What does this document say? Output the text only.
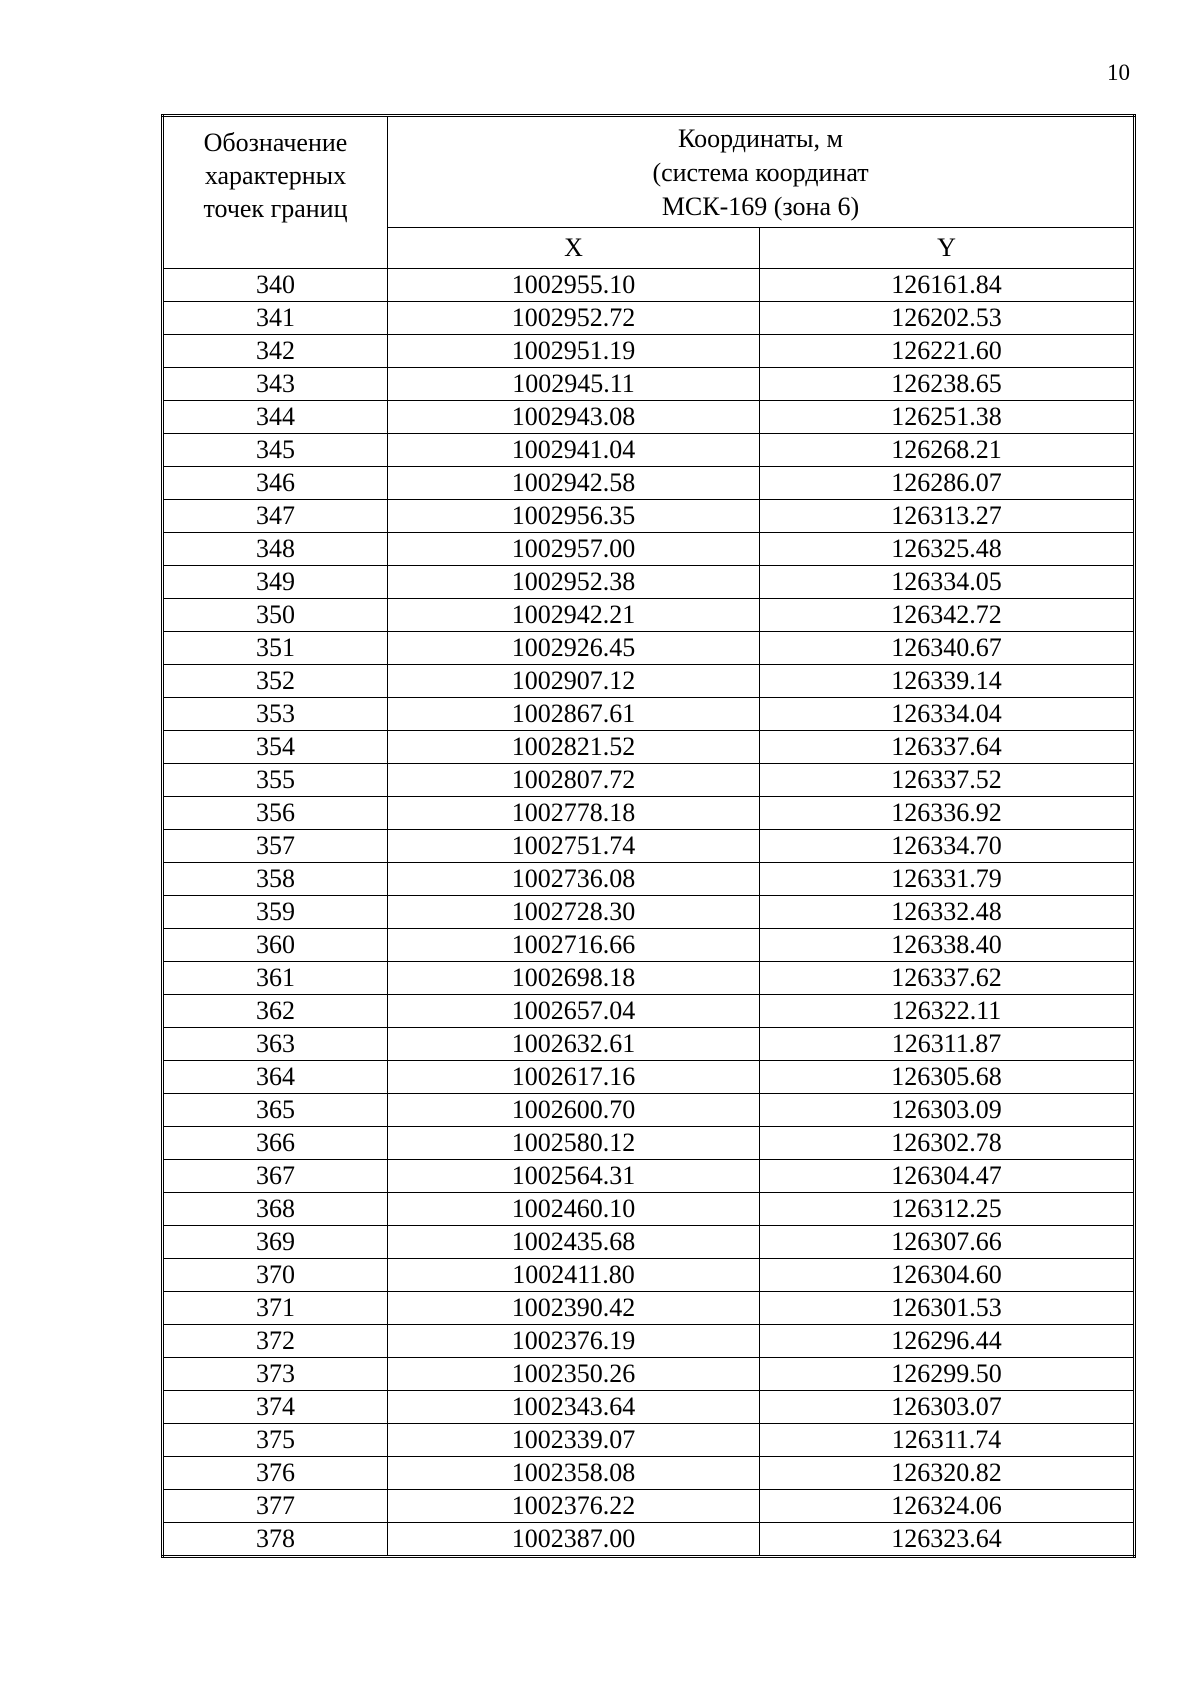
10
Обозначение
характерных
точек границ	Координаты, м
(система координат
МСК-169 (зона 6)	

	X	Y
340	1002955.10	126161.84
341	1002952.72	126202.53
342	1002951.19	126221.60
343	1002945.11	126238.65
344	1002943.08	126251.38
345	1002941.04	126268.21
346	1002942.58	126286.07
347	1002956.35	126313.27
348	1002957.00	126325.48
349	1002952.38	126334.05
350	1002942.21	126342.72
351	1002926.45	126340.67
352	1002907.12	126339.14
353	1002867.61	126334.04
354	1002821.52	126337.64
355	1002807.72	126337.52
356	1002778.18	126336.92
357	1002751.74	126334.70
358	1002736.08	126331.79
359	1002728.30	126332.48
360	1002716.66	126338.40
361	1002698.18	126337.62
362	1002657.04	126322.11
363	1002632.61	126311.87
364	1002617.16	126305.68
365	1002600.70	126303.09
366	1002580.12	126302.78
367	1002564.31	126304.47
368	1002460.10	126312.25
369	1002435.68	126307.66
370	1002411.80	126304.60
371	1002390.42	126301.53
372	1002376.19	126296.44
373	1002350.26	126299.50
374	1002343.64	126303.07
375	1002339.07	126311.74
376	1002358.08	126320.82
377	1002376.22	126324.06
378	1002387.00	126323.64
